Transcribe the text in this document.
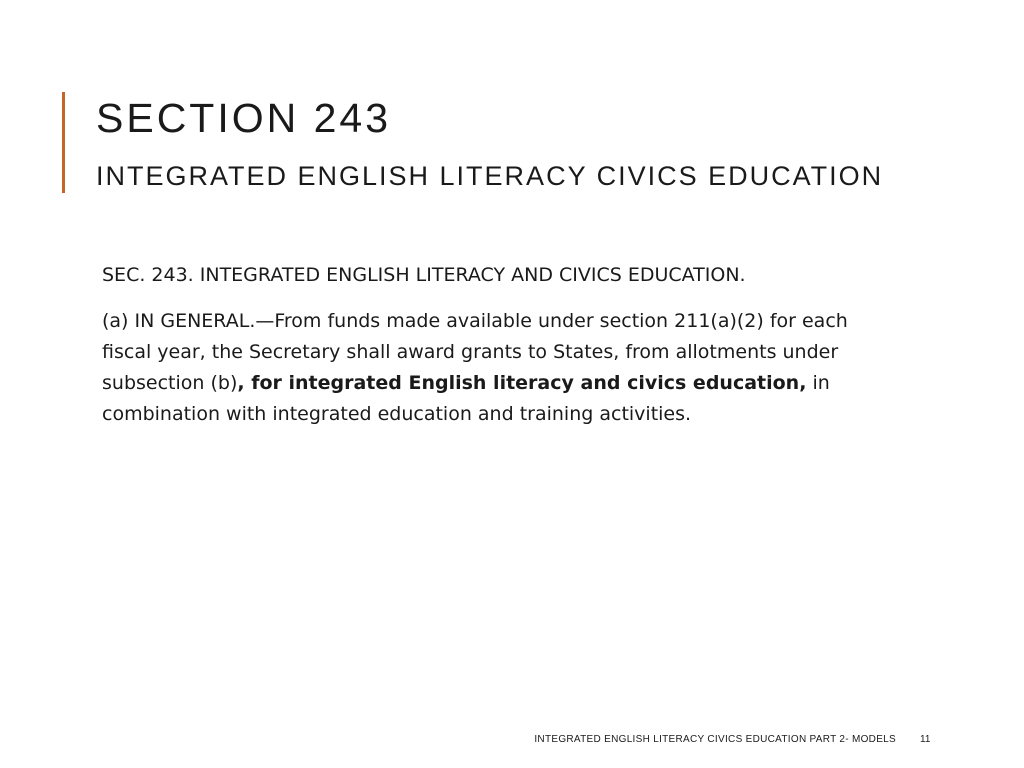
SECTION 243
INTEGRATED ENGLISH LITERACY CIVICS EDUCATION

SEC. 243. INTEGRATED ENGLISH LITERACY AND CIVICS EDUCATION.

(a) IN GENERAL.—From funds made available under section 211(a)(2) for each fiscal year, the Secretary shall award grants to States, from allotments under subsection (b), for integrated English literacy and civics education, in combination with integrated education and training activities.

INTEGRATED ENGLISH LITERACY CIVICS EDUCATION PART 2- MODELS 11
